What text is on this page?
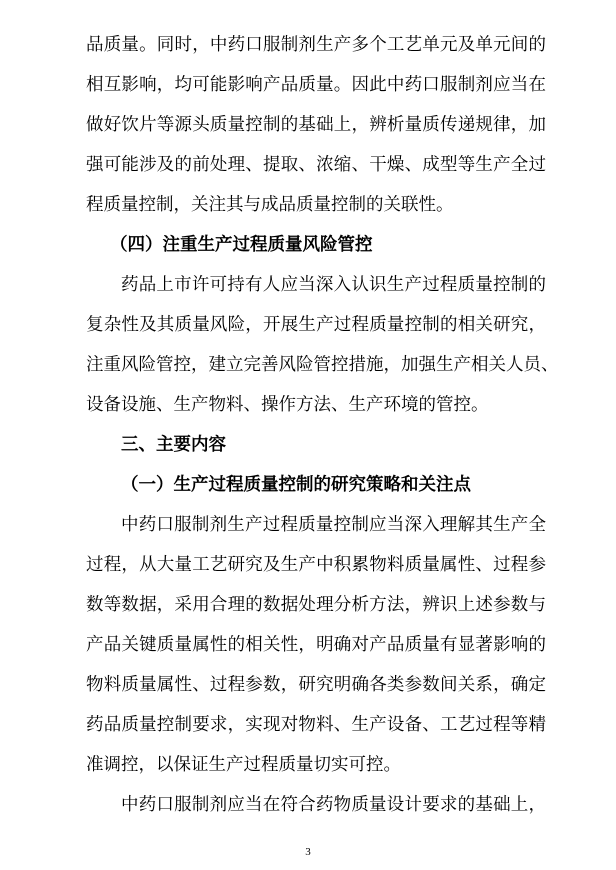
品质量。同时，中药口服制剂生产多个工艺单元及单元间的
相互影响，均可能影响产品质量。因此中药口服制剂应当在
做好饮片等源头质量控制的基础上，辨析量质传递规律，加
强可能涉及的前处理、提取、浓缩、干燥、成型等生产全过
程质量控制，关注其与成品质量控制的关联性。
（四）注重生产过程质量风险管控
药品上市许可持有人应当深入认识生产过程质量控制的
复杂性及其质量风险，开展生产过程质量控制的相关研究，
注重风险管控，建立完善风险管控措施，加强生产相关人员、
设备设施、生产物料、操作方法、生产环境的管控。
三、主要内容
（一）生产过程质量控制的研究策略和关注点
中药口服制剂生产过程质量控制应当深入理解其生产全
过程，从大量工艺研究及生产中积累物料质量属性、过程参
数等数据，采用合理的数据处理分析方法，辨识上述参数与
产品关键质量属性的相关性，明确对产品质量有显著影响的
物料质量属性、过程参数，研究明确各类参数间关系，确定
药品质量控制要求，实现对物料、生产设备、工艺过程等精
准调控，以保证生产过程质量切实可控。
中药口服制剂应当在符合药物质量设计要求的基础上，
3
